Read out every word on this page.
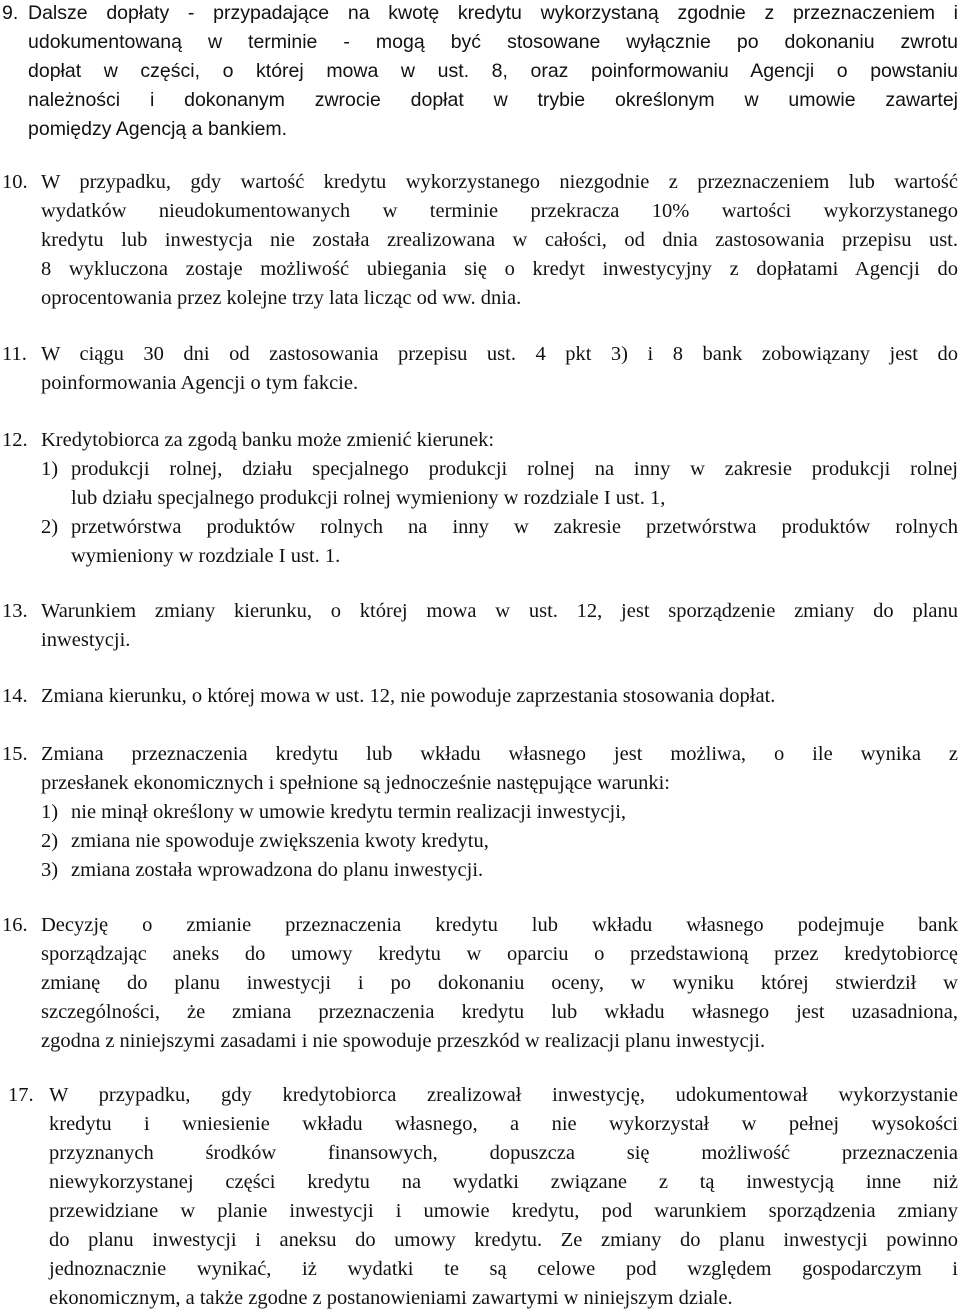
9. Dalsze dopłaty - przypadające na kwotę kredytu wykorzystaną zgodnie z przeznaczeniem i
udokumentowaną w terminie - mogą być stosowane wyłącznie po dokonaniu zwrotu
dopłat w części, o której mowa w ust. 8, oraz poinformowaniu Agencji o powstaniu
należności i dokonanym zwrocie dopłat w trybie określonym w umowie zawartej
pomiędzy Agencją a bankiem.
10. W przypadku, gdy wartość kredytu wykorzystanego niezgodnie z przeznaczeniem lub wartość
wydatków nieudokumentowanych w terminie przekracza 10% wartości wykorzystanego
kredytu lub inwestycja nie została zrealizowana w całości, od dnia zastosowania przepisu ust.
8 wykluczona zostaje możliwość ubiegania się o kredyt inwestycyjny z dopłatami Agencji do
oprocentowania przez kolejne trzy lata licząc od ww. dnia.
11. W ciągu 30 dni od zastosowania przepisu ust. 4 pkt 3) i 8 bank zobowiązany jest do
poinformowania Agencji o tym fakcie.
12. Kredytobiorca za zgodą banku może zmienić kierunek:
1) produkcji rolnej, działu specjalnego produkcji rolnej na inny w zakresie produkcji rolnej
lub działu specjalnego produkcji rolnej wymieniony w rozdziale I ust. 1,
2) przetwórstwa produktów rolnych na inny w zakresie przetwórstwa produktów rolnych
wymieniony w rozdziale I ust. 1.
13. Warunkiem zmiany kierunku, o której mowa w ust. 12, jest sporządzenie zmiany do planu
inwestycji.
14. Zmiana kierunku, o której mowa w ust. 12, nie powoduje zaprzestania stosowania dopłat.
15. Zmiana przeznaczenia kredytu lub wkładu własnego jest możliwa, o ile wynika z
przesłanek ekonomicznych i spełnione są jednocześnie następujące warunki:
1) nie minął określony w umowie kredytu termin realizacji inwestycji,
2) zmiana nie spowoduje zwiększenia kwoty kredytu,
3) zmiana została wprowadzona do planu inwestycji.
16. Decyzję o zmianie przeznaczenia kredytu lub wkładu własnego podejmuje bank
sporządzając aneks do umowy kredytu w oparciu o przedstawioną przez kredytobiorcę
zmianę do planu inwestycji i po dokonaniu oceny, w wyniku której stwierdził w
szczególności, że zmiana przeznaczenia kredytu lub wkładu własnego jest uzasadniona,
zgodna z niniejszymi zasadami i nie spowoduje przeszkód w realizacji planu inwestycji.
17. W przypadku, gdy kredytobiorca zrealizował inwestycję, udokumentował wykorzystanie
kredytu i wniesienie wkładu własnego, a nie wykorzystał w pełnej wysokości
przyznanych środków finansowych, dopuszcza się możliwość przeznaczenia
niewykorzystanej części kredytu na wydatki związane z tą inwestycją inne niż
przewidziane w planie inwestycji i umowie kredytu, pod warunkiem sporządzenia zmiany
do planu inwestycji i aneksu do umowy kredytu. Ze zmiany do planu inwestycji powinno
jednoznacznie wynikać, iż wydatki te są celowe pod względem gospodarczym i
ekonomicznym, a także zgodne z postanowieniami zawartymi w niniejszym dziale.
